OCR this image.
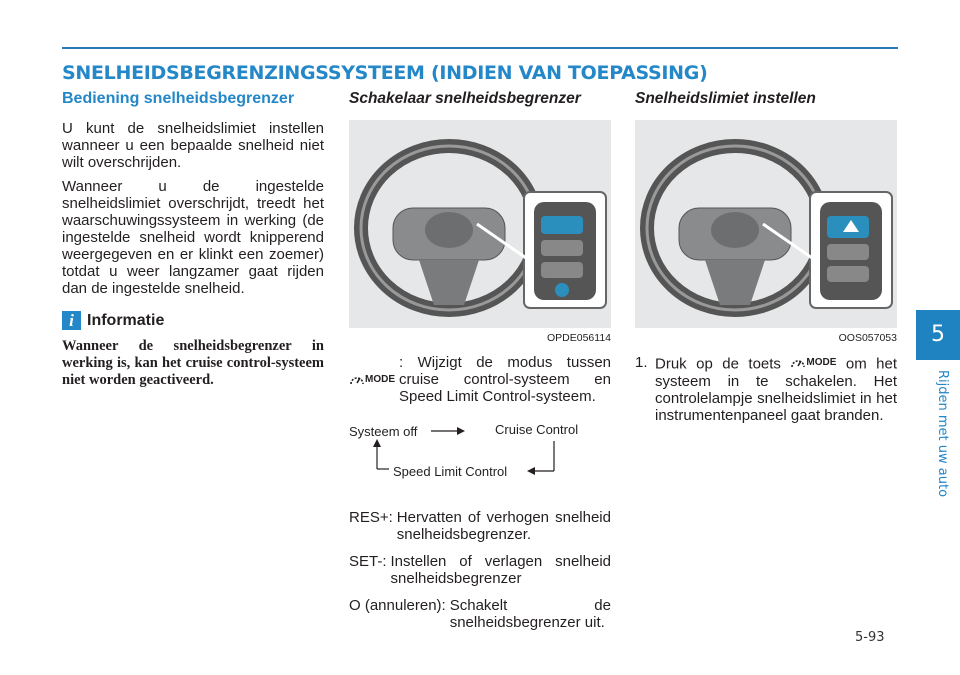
SNELHEIDSBEGRENZINGSSYSTEEM (INDIEN VAN TOEPASSING)
5
Rijden met uw auto
5-93
Bediening snelheidsbegrenzer

U kunt de snelheidslimiet instellen wanneer u een bepaalde snelheid niet wilt overschrijden.

Wanneer u de ingestelde snelheidslimiet overschrijdt, treedt het waarschuwingssysteem in werking (de ingestelde snelheid wordt knipperend weergegeven en er klinkt een zoemer) totdat u weer langzamer gaat rijden dan de ingestelde snelheid.

i Informatie
Wanneer de snelheidsbegrenzer in werking is, kan het cruise control-systeem niet worden geactiveerd.
Schakelaar snelheidsbegrenzer
OPDE056114
MODE
: Wijzigt de modus tussen cruise control-systeem en Speed Limit Control-systeem.
Systeem off	Cruise Control
Speed Limit Control
RES+: Hervatten of verhogen snelheid snelheidsbegrenzer.
SET-: Instellen of verlagen snelheid snelheidsbegrenzer
O (annuleren): Schakelt de snelheidsbegrenzer uit.
Snelheidslimiet instellen
OOS057053
1. Druk op de toets	MODE om het systeem in te schakelen. Het controlelampje snelheidslimiet in het instrumentenpaneel gaat branden.
